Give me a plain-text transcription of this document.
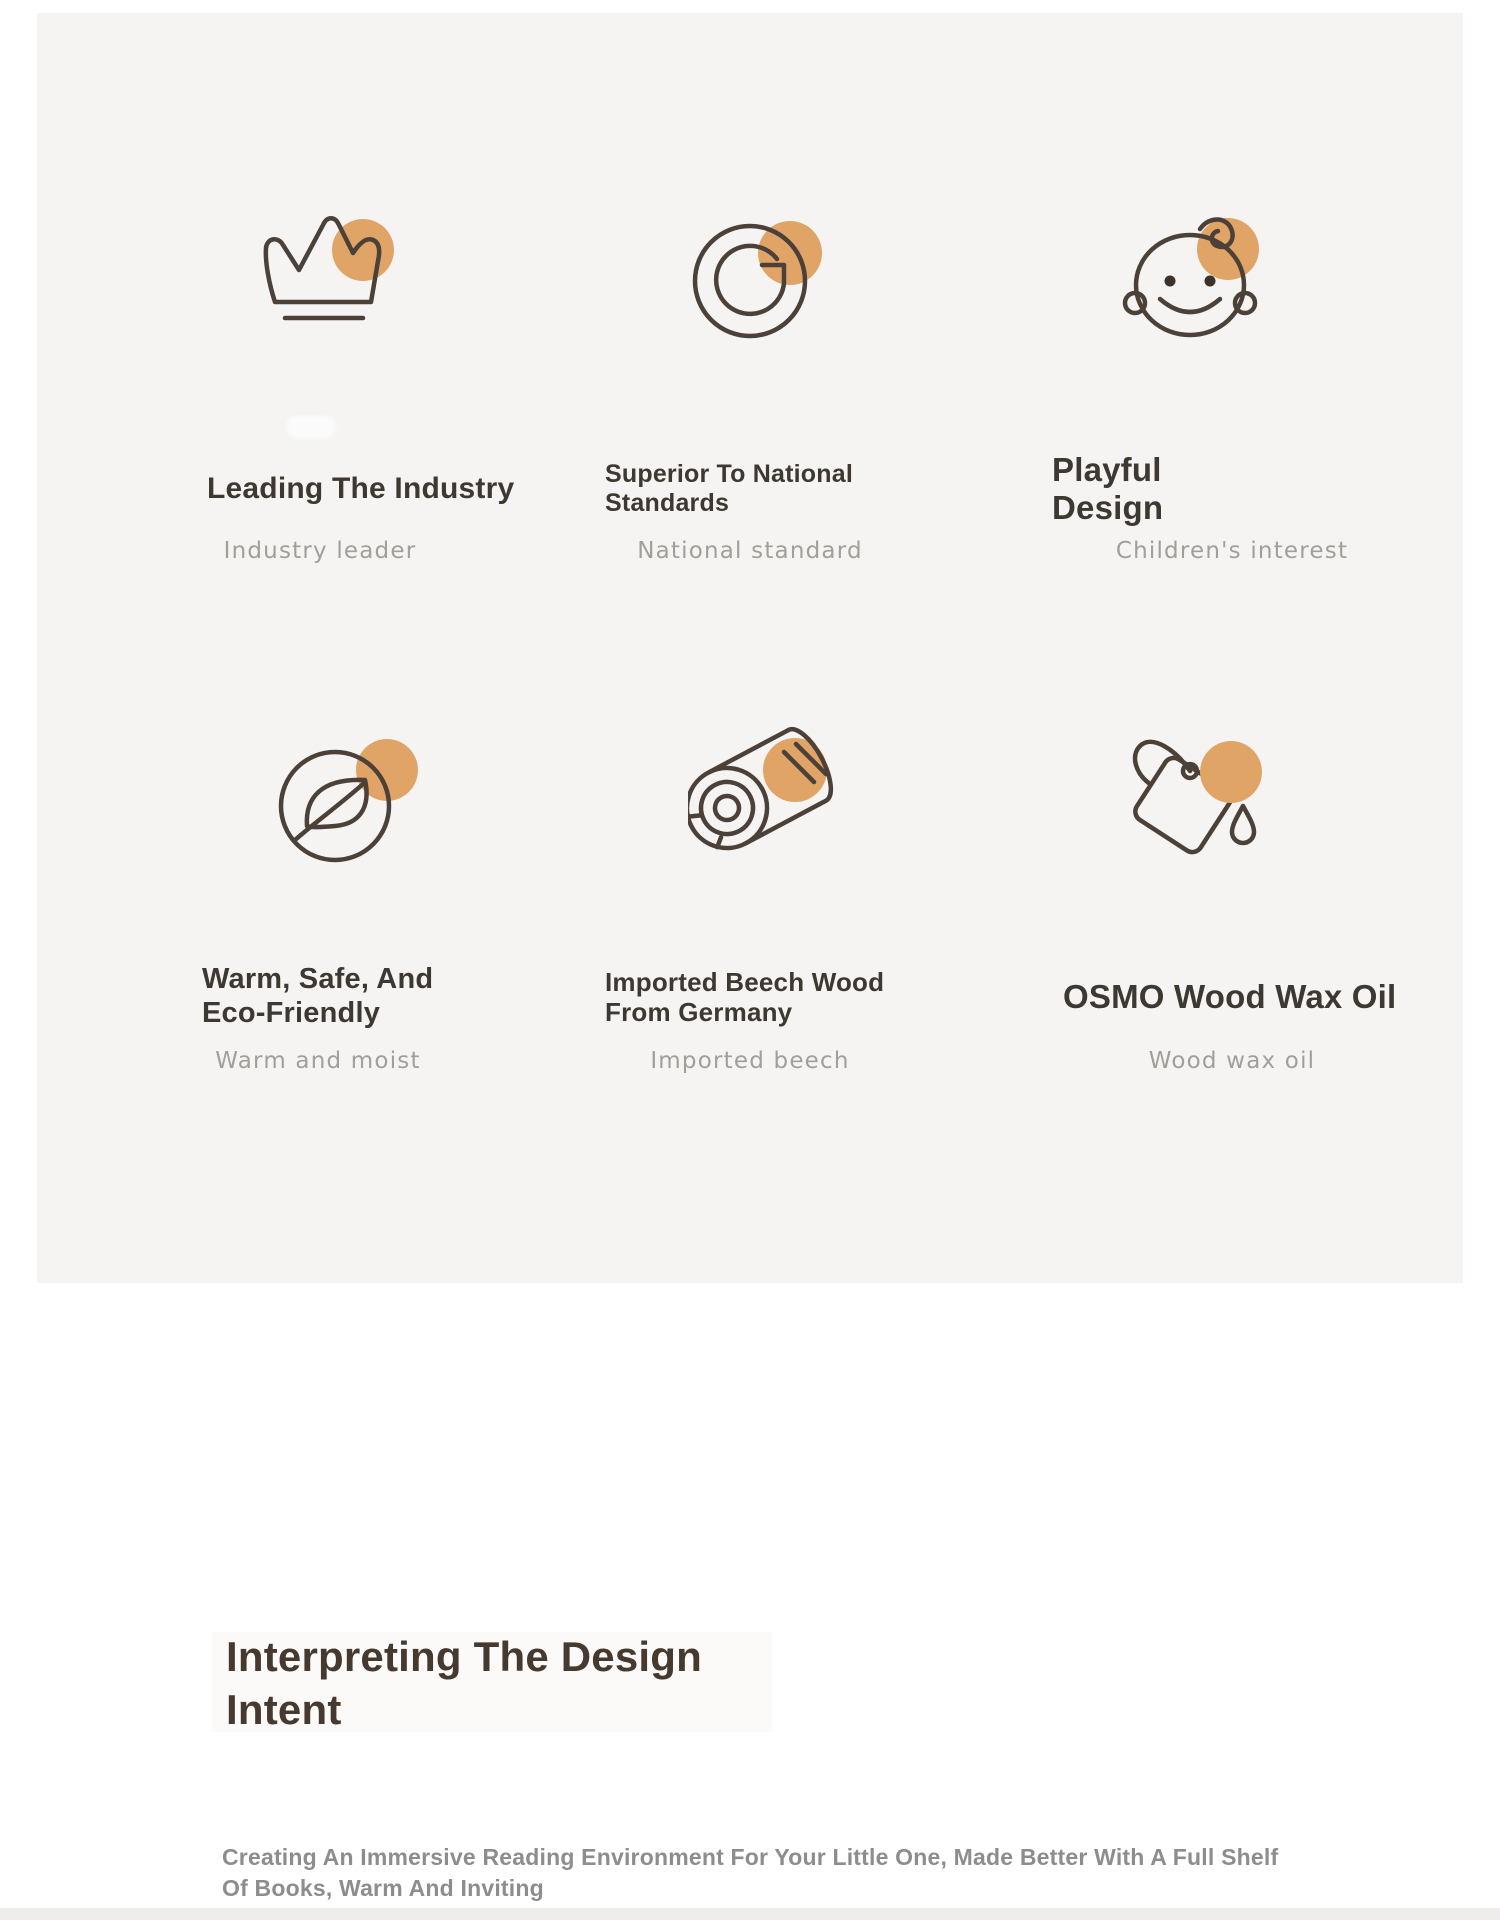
Leading The Industry
Industry leader
Superior To National
Standards
National standard
Playful
Design
Children's interest
Warm, Safe, And
Eco-Friendly
Warm and moist
Imported Beech Wood
From Germany
Imported beech
OSMO Wood Wax Oil
Wood wax oil
Interpreting The Design
Intent

Creating An Immersive Reading Environment For Your Little One, Made Better With A Full Shelf Of Books, Warm And Inviting
